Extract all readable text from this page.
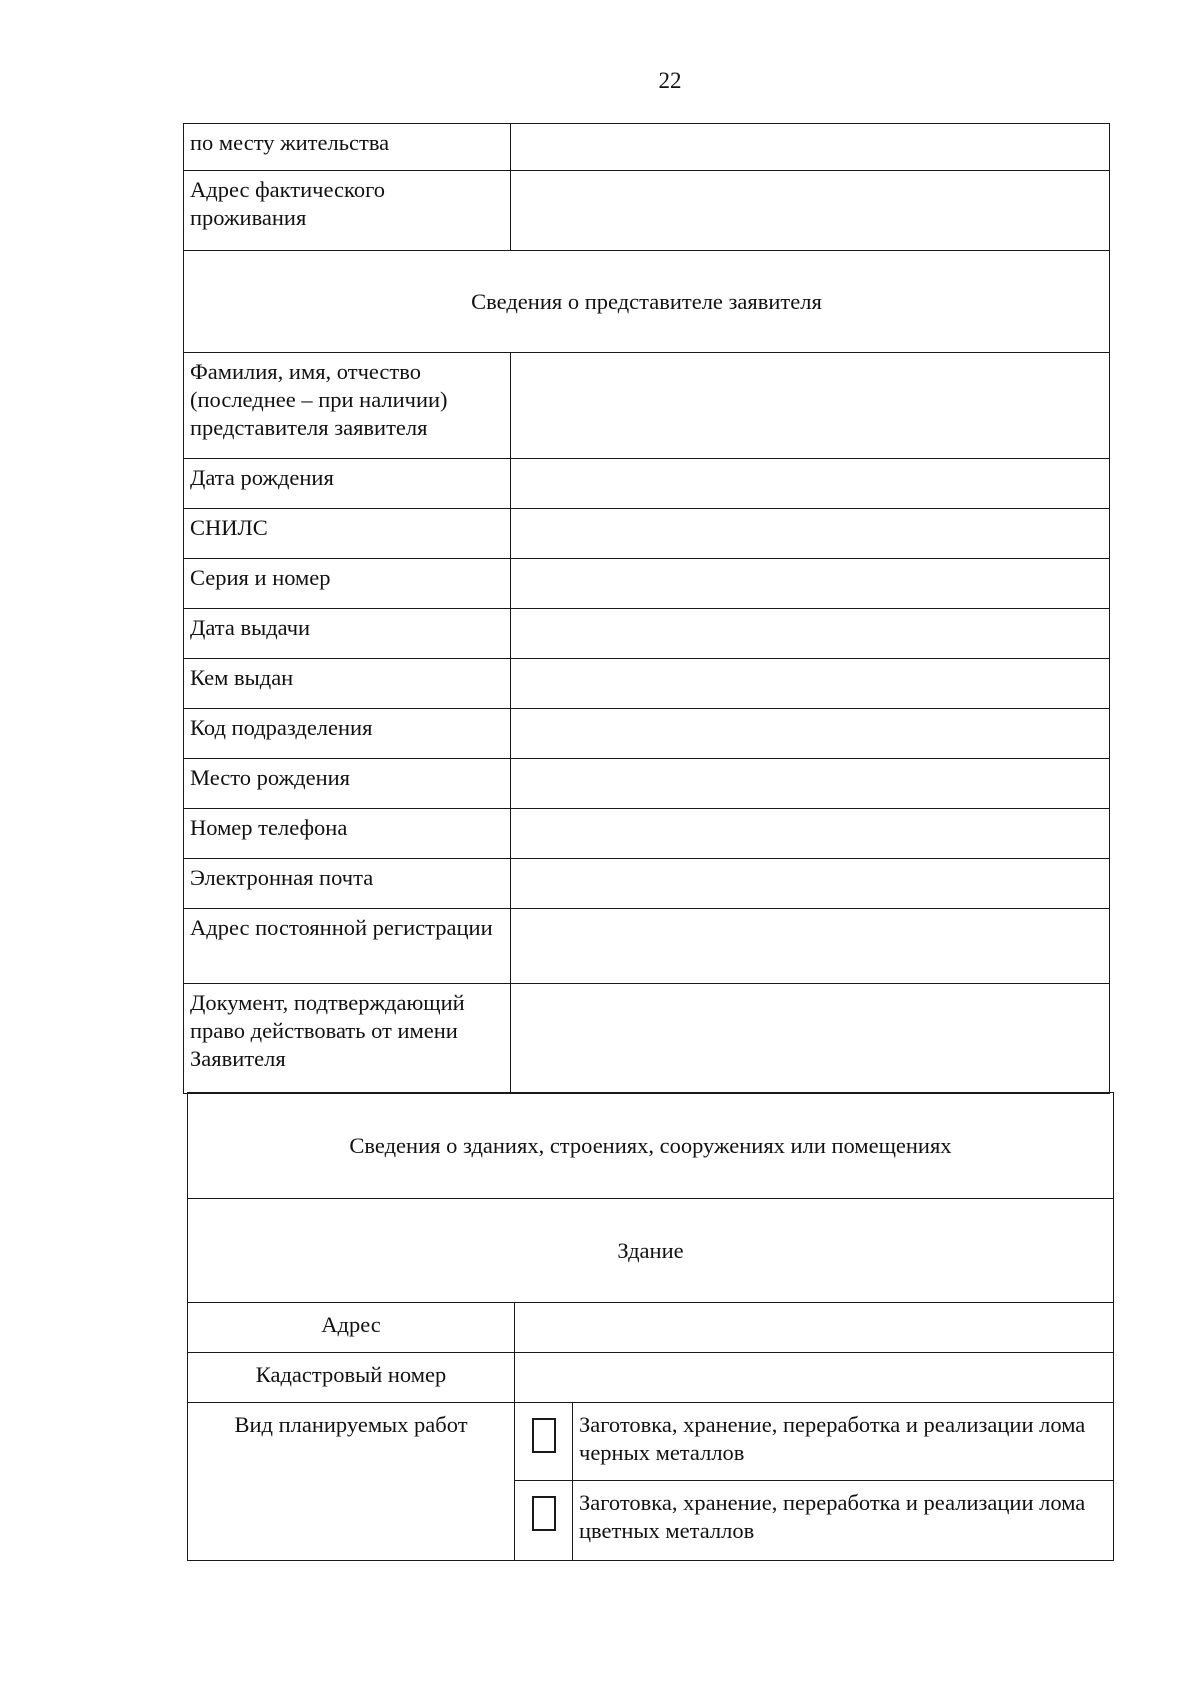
22
по месту жительства	
Адрес фактического проживания	
Сведения о представителе заявителя	
Фамилия, имя, отчество (последнее – при наличии) представителя заявителя	
Дата рождения	
СНИЛС	
Серия и номер	
Дата выдачи	
Кем выдан	
Код подразделения	
Место рождения	
Номер телефона	
Электронная почта	
Адрес постоянной регистрации	
Документ, подтверждающий право действовать от имени Заявителя	
Сведения о зданиях, строениях, сооружениях или помещениях		
Здание		
Адрес		
Кадастровый номер		
Вид планируемых работ		Заготовка, хранение, переработка и реализации лома черных металлов
		Заготовка, хранение, переработка и реализации лома цветных металлов
